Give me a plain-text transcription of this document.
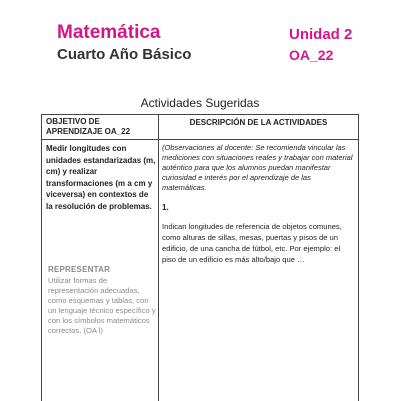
Matemática
Cuarto Año Básico
Unidad 2
OA_22
Actividades Sugeridas
OBJETIVO DE APRENDIZAJE OA_22
DESCRIPCIÓN DE LA ACTIVIDADES
Medir longitudes con unidades estandarizadas (m, cm) y realizar transformaciones (m a cm y viceversa) en contextos de la resolución de problemas.
REPRESENTAR
Utilizar formas de representación adecuadas, como esquemas y tablas, con un lenguaje técnico específico y con los símbolos matemáticos correctos. (OA l)
(Observaciones al docente: Se recomienda vincular las mediciones con situaciones reales y trabajar con material auténtico para que los alumnos puedan manifestar curiosidad e interés por el aprendizaje de las matemáticas.
1.
Indican longitudes de referencia de objetos comunes, como alturas de sillas, mesas, puertas y pisos de un edificio, de una cancha de fútbol, etc. Por ejemplo: el piso de un edificio es más alto/bajo que …
